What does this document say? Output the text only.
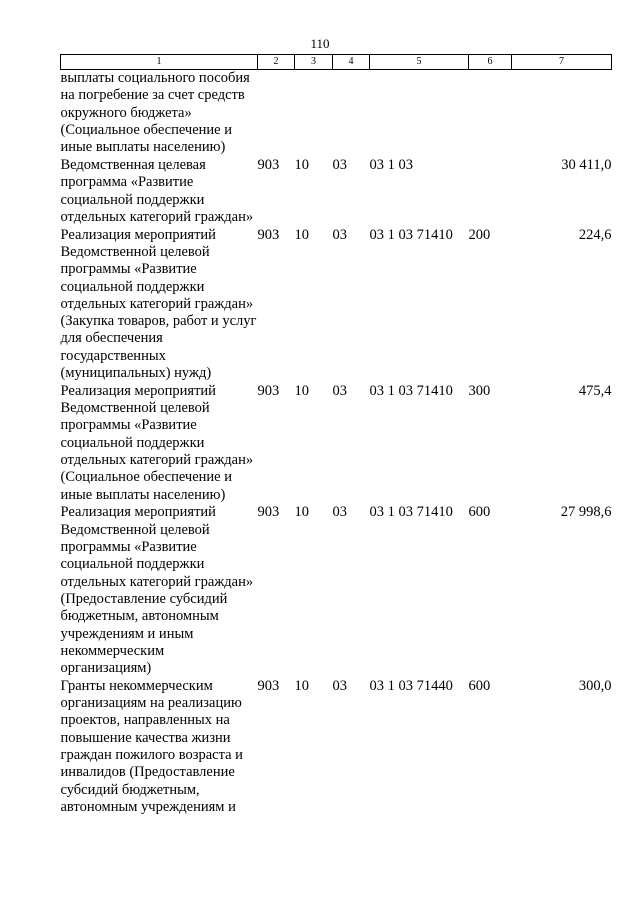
110
1	2	3	4	5	6	7
выплаты социального пособия на погребение за счет средств окружного бюджета» (Социальное обеспечение и иные выплаты населению)						
Ведомственная целевая программа «Развитие социальной поддержки отдельных категорий граждан»	903	10	03	03 1 03		30 411,0
Реализация мероприятий Ведомственной целевой программы «Развитие социальной поддержки отдельных категорий граждан» (Закупка товаров, работ и услуг для обеспечения государственных (муниципальных) нужд)	903	10	03	03 1 03 71410	200	224,6
Реализация мероприятий Ведомственной целевой программы «Развитие социальной поддержки отдельных категорий граждан» (Социальное обеспечение и иные выплаты населению)	903	10	03	03 1 03 71410	300	475,4
Реализация мероприятий Ведомственной целевой программы «Развитие социальной поддержки отдельных категорий граждан» (Предоставление субсидий бюджетным, автономным учреждениям и иным некоммерческим организациям)	903	10	03	03 1 03 71410	600	27 998,6
Гранты некоммерческим организациям на реализацию проектов, направленных на повышение качества жизни граждан пожилого возраста и инвалидов (Предоставление субсидий бюджетным, автономным учреждениям и	903	10	03	03 1 03 71440	600	300,0
